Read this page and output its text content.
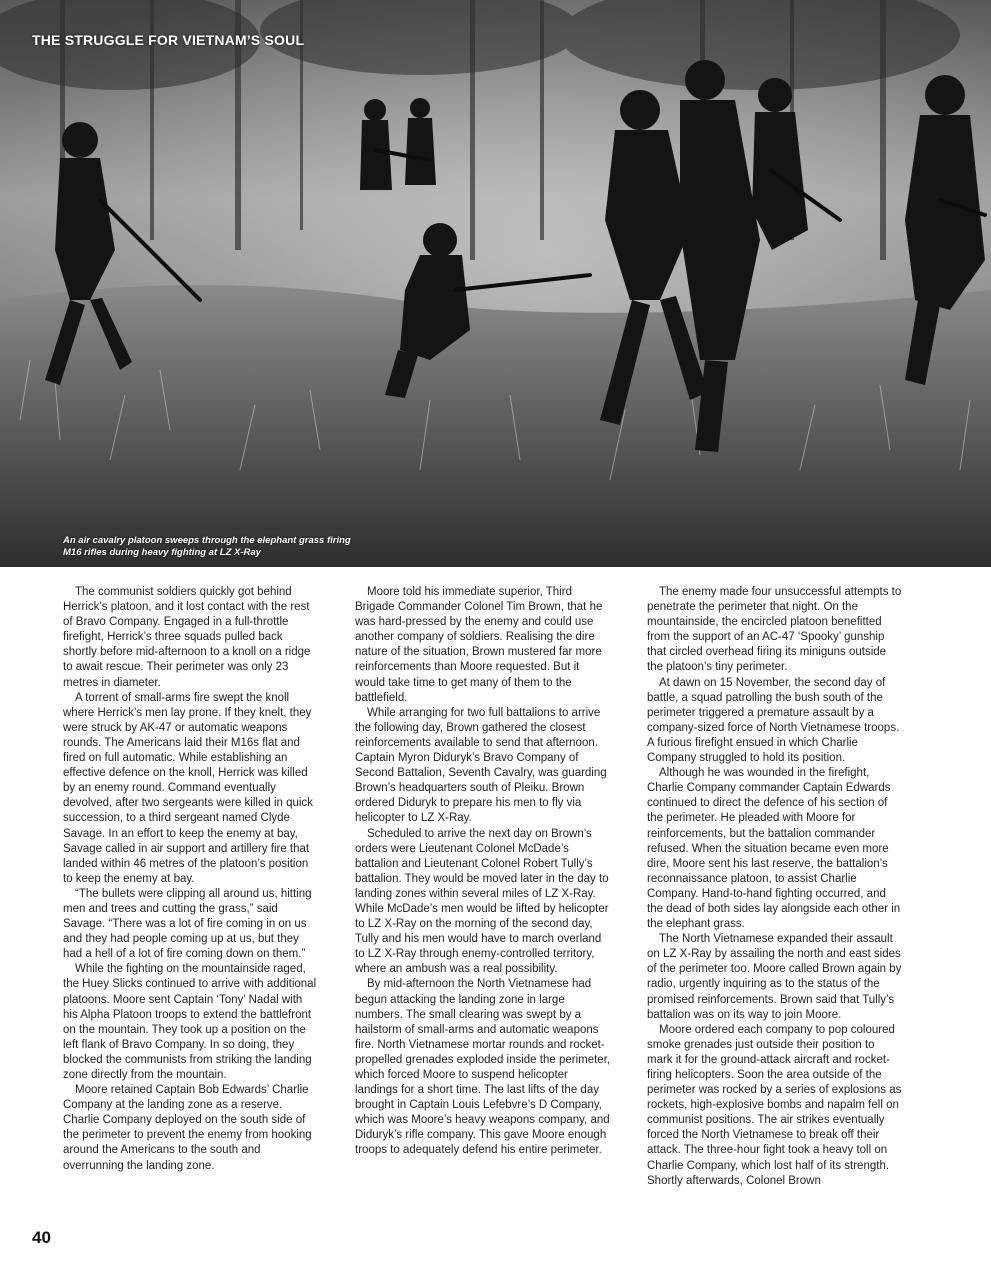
THE STRUGGLE FOR VIETNAM’S SOUL
An air cavalry platoon sweeps through the elephant grass firing M16 rifles during heavy fighting at LZ X-Ray

The communist soldiers quickly got behind Herrick’s platoon, and it lost contact with the rest of Bravo Company. Engaged in a full-throttle firefight, Herrick’s three squads pulled back shortly before mid-afternoon to a knoll on a ridge to await rescue. Their perimeter was only 23 metres in diameter.

A torrent of small-arms fire swept the knoll where Herrick’s men lay prone. If they knelt, they were struck by AK-47 or automatic weapons rounds. The Americans laid their M16s flat and fired on full automatic. While establishing an effective defence on the knoll, Herrick was killed by an enemy round. Command eventually devolved, after two sergeants were killed in quick succession, to a third sergeant named Clyde Savage. In an effort to keep the enemy at bay, Savage called in air support and artillery fire that landed within 46 metres of the platoon’s position to keep the enemy at bay.

“The bullets were clipping all around us, hitting men and trees and cutting the grass,” said Savage. “There was a lot of fire coming in on us and they had people coming up at us, but they had a hell of a lot of fire coming down on them.”

While the fighting on the mountainside raged, the Huey Slicks continued to arrive with additional platoons. Moore sent Captain ‘Tony’ Nadal with his Alpha Platoon troops to extend the battlefront on the mountain. They took up a position on the left flank of Bravo Company. In so doing, they blocked the communists from striking the landing zone directly from the mountain.

Moore retained Captain Bob Edwards’ Charlie Company at the landing zone as a reserve. Charlie Company deployed on the south side of the perimeter to prevent the enemy from hooking around the Americans to the south and overrunning the landing zone.

Moore told his immediate superior, Third Brigade Commander Colonel Tim Brown, that he was hard-pressed by the enemy and could use another company of soldiers. Realising the dire nature of the situation, Brown mustered far more reinforcements than Moore requested. But it would take time to get many of them to the battlefield.

While arranging for two full battalions to arrive the following day, Brown gathered the closest reinforcements available to send that afternoon. Captain Myron Diduryk’s Bravo Company of Second Battalion, Seventh Cavalry, was guarding Brown’s headquarters south of Pleiku. Brown ordered Diduryk to prepare his men to fly via helicopter to LZ X-Ray.

Scheduled to arrive the next day on Brown’s orders were Lieutenant Colonel McDade’s battalion and Lieutenant Colonel Robert Tully’s battalion. They would be moved later in the day to landing zones within several miles of LZ X-Ray. While McDade’s men would be lifted by helicopter to LZ X-Ray on the morning of the second day, Tully and his men would have to march overland to LZ X-Ray through enemy-controlled territory, where an ambush was a real possibility.

By mid-afternoon the North Vietnamese had begun attacking the landing zone in large numbers. The small clearing was swept by a hailstorm of small-arms and automatic weapons fire. North Vietnamese mortar rounds and rocket-propelled grenades exploded inside the perimeter, which forced Moore to suspend helicopter landings for a short time. The last lifts of the day brought in Captain Louis Lefebvre’s D Company, which was Moore’s heavy weapons company, and Diduryk’s rifle company. This gave Moore enough troops to adequately defend his entire perimeter.

The enemy made four unsuccessful attempts to penetrate the perimeter that night. On the mountainside, the encircled platoon benefitted from the support of an AC-47 ‘Spooky’ gunship that circled overhead firing its miniguns outside the platoon’s tiny perimeter.

At dawn on 15 November, the second day of battle, a squad patrolling the bush south of the perimeter triggered a premature assault by a company-sized force of North Vietnamese troops. A furious firefight ensued in which Charlie Company struggled to hold its position.

Although he was wounded in the firefight, Charlie Company commander Captain Edwards continued to direct the defence of his section of the perimeter. He pleaded with Moore for reinforcements, but the battalion commander refused. When the situation became even more dire, Moore sent his last reserve, the battalion’s reconnaissance platoon, to assist Charlie Company. Hand-to-hand fighting occurred, and the dead of both sides lay alongside each other in the elephant grass.

The North Vietnamese expanded their assault on LZ X-Ray by assailing the north and east sides of the perimeter too. Moore called Brown again by radio, urgently inquiring as to the status of the promised reinforcements. Brown said that Tully’s battalion was on its way to join Moore.

Moore ordered each company to pop coloured smoke grenades just outside their position to mark it for the ground-attack aircraft and rocket-firing helicopters. Soon the area outside of the perimeter was rocked by a series of explosions as rockets, high-explosive bombs and napalm fell on communist positions. The air strikes eventually forced the North Vietnamese to break off their attack. The three-hour fight took a heavy toll on Charlie Company, which lost half of its strength. Shortly afterwards, Colonel Brown

40
